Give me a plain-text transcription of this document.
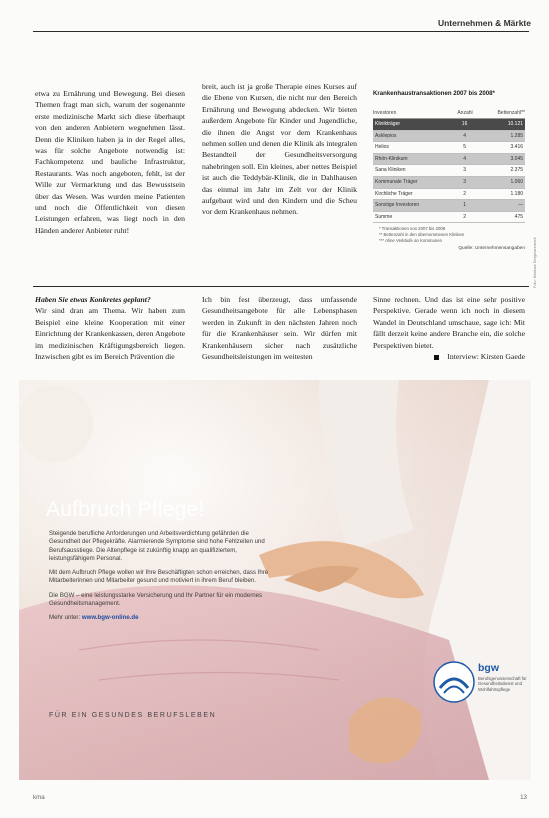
Unternehmen & Märkte

etwa zu Ernährung und Bewegung. Bei diesen Themen fragt man sich, warum der sogenannte erste medizinische Markt sich diese überhaupt von den anderen Anbietern wegnehmen lässt. Denn die Kliniken haben ja in der Regel alles, was für solche Angebote notwendig ist: Fachkompetenz und bauliche Infrastruktur, Restaurants. Was noch angeboten, fehlt, ist der Wille zur Vermarktung und das Bewusstsein über das Wesen. Was wurden meine Patienten und noch die Öffentlichkeit von diesen Leistungen erfahren, was liegt noch in den Händen anderer Anbieter ruht!

breit, auch ist ja große Therapie eines Kurses auf die Ebene von Kursen, die nicht nur den Bereich Ernährung und Bewegung abdecken. Wir bieten außerdem Angebote für Kinder und Jugendliche, die ihnen die Angst vor dem Krankenhaus nehmen sollen und denen die Klinik als integralen Bestandteil der Gesundheitsversorgung nahebringen soll. Ein kleines, aber nettes Beispiel ist auch die Teddybär-Klinik, die in Dahlhausen das einmal im Jahr im Zelt vor der Klinik aufgebaut wird und den Kindern und die Scheu vor dem Krankenhaus nehmen.

Krankenhaustransaktionen 2007 bis 2008*
Investoren	Anzahl	Bettenzahl**
Klinikträger	16	10.121
Asklepios	4	1.285
Helios	5	3.416
Rhön-Klinikum	4	3.045
Sana Kliniken	3	2.375
Kommunale Träger	3	1.060
Kirchliche Träger	2	1.180
Sonstige Investoren	1	—
Summe	2	475
* Transaktionen von 2007 bis 2008
** Bettenzahl in den übernommenen Kliniken
*** ohne Verkäufe an Kommunen
Quelle: Unternehmensangaben

Haben Sie etwas Konkretes geplant?

Wir sind dran am Thema. Wir haben zum Beispiel eine kleine Kooperation mit einer Einrichtung der Krankenkassen, deren Angebote im medizinischen Kräftigungsbereich liegen. Inzwischen gibt es im Bereich Prävention die

Ich bin fest überzeugt, dass umfassende Gesundheitsangebote für alle Lebensphasen werden in Zukunft in den nächsten Jahren noch für die Krankenhäuser sein. Wir dürfen mit Krankenhäusern sicher nach zusätzliche Gesundheitsleistungen im weitesten

Sinne rechnen. Und das ist eine sehr positive Perspektive. Gerade wenn ich noch in diesem Wandel in Deutschland umschaue, sage ich: Mit fällt derzeit keine andere Branche ein, die solche Perspektiven bietet.

Interview: Kirsten Gaede

Foto: Klinikum Bergmannsheil
Aufbruch Pflege!

Steigende berufliche Anforderungen und Arbeitsverdichtung gefährden die Gesundheit der Pflegekräfte. Alarmierende Symptome sind hohe Fehlzeiten und Berufsausstiege. Die Altenpflege ist zukünftig knapp an qualifiziertem, leistungsfähigem Personal.

Mit dem Aufbruch Pflege wollen wir Ihre Beschäftigten schon erreichen, dass Ihre Mitarbeiterinnen und Mitarbeiter gesund und motiviert in ihrem Beruf bleiben.

Die BGW – eine leistungsstarke Versicherung und Ihr Partner für ein modernes Gesundheitsmanagement.

Mehr unter: www.bgw-online.de

FÜR EIN GESUNDES BERUFSLEBEN
bgw
Berufsgenossenschaft für Gesundheitsdienst und Wohlfahrtspflege
kma	13
